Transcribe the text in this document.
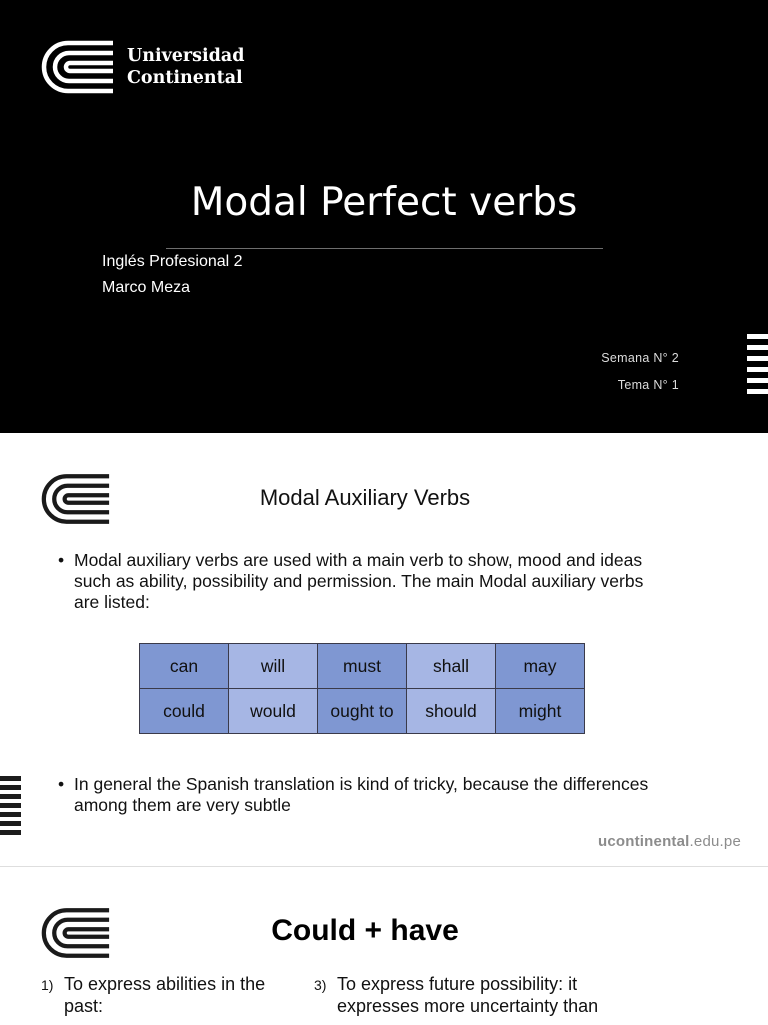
Universidad
Continental
Modal Perfect verbs
Inglés Profesional 2
Marco Meza
Semana N° 2
Tema N° 1
Modal Auxiliary Verbs
• Modal auxiliary verbs are used with a main verb to show, mood and ideas such as ability, possibility and permission. The main Modal auxiliary verbs are listed:
can	will	must	shall	may
could	would	ought to	should	might
• In general the Spanish translation is kind of tricky, because the differences among them are very subtle
ucontinental.edu.pe
Could + have
1) To express abilities in the past:
3) To express future possibility: it expresses more uncertainty than
